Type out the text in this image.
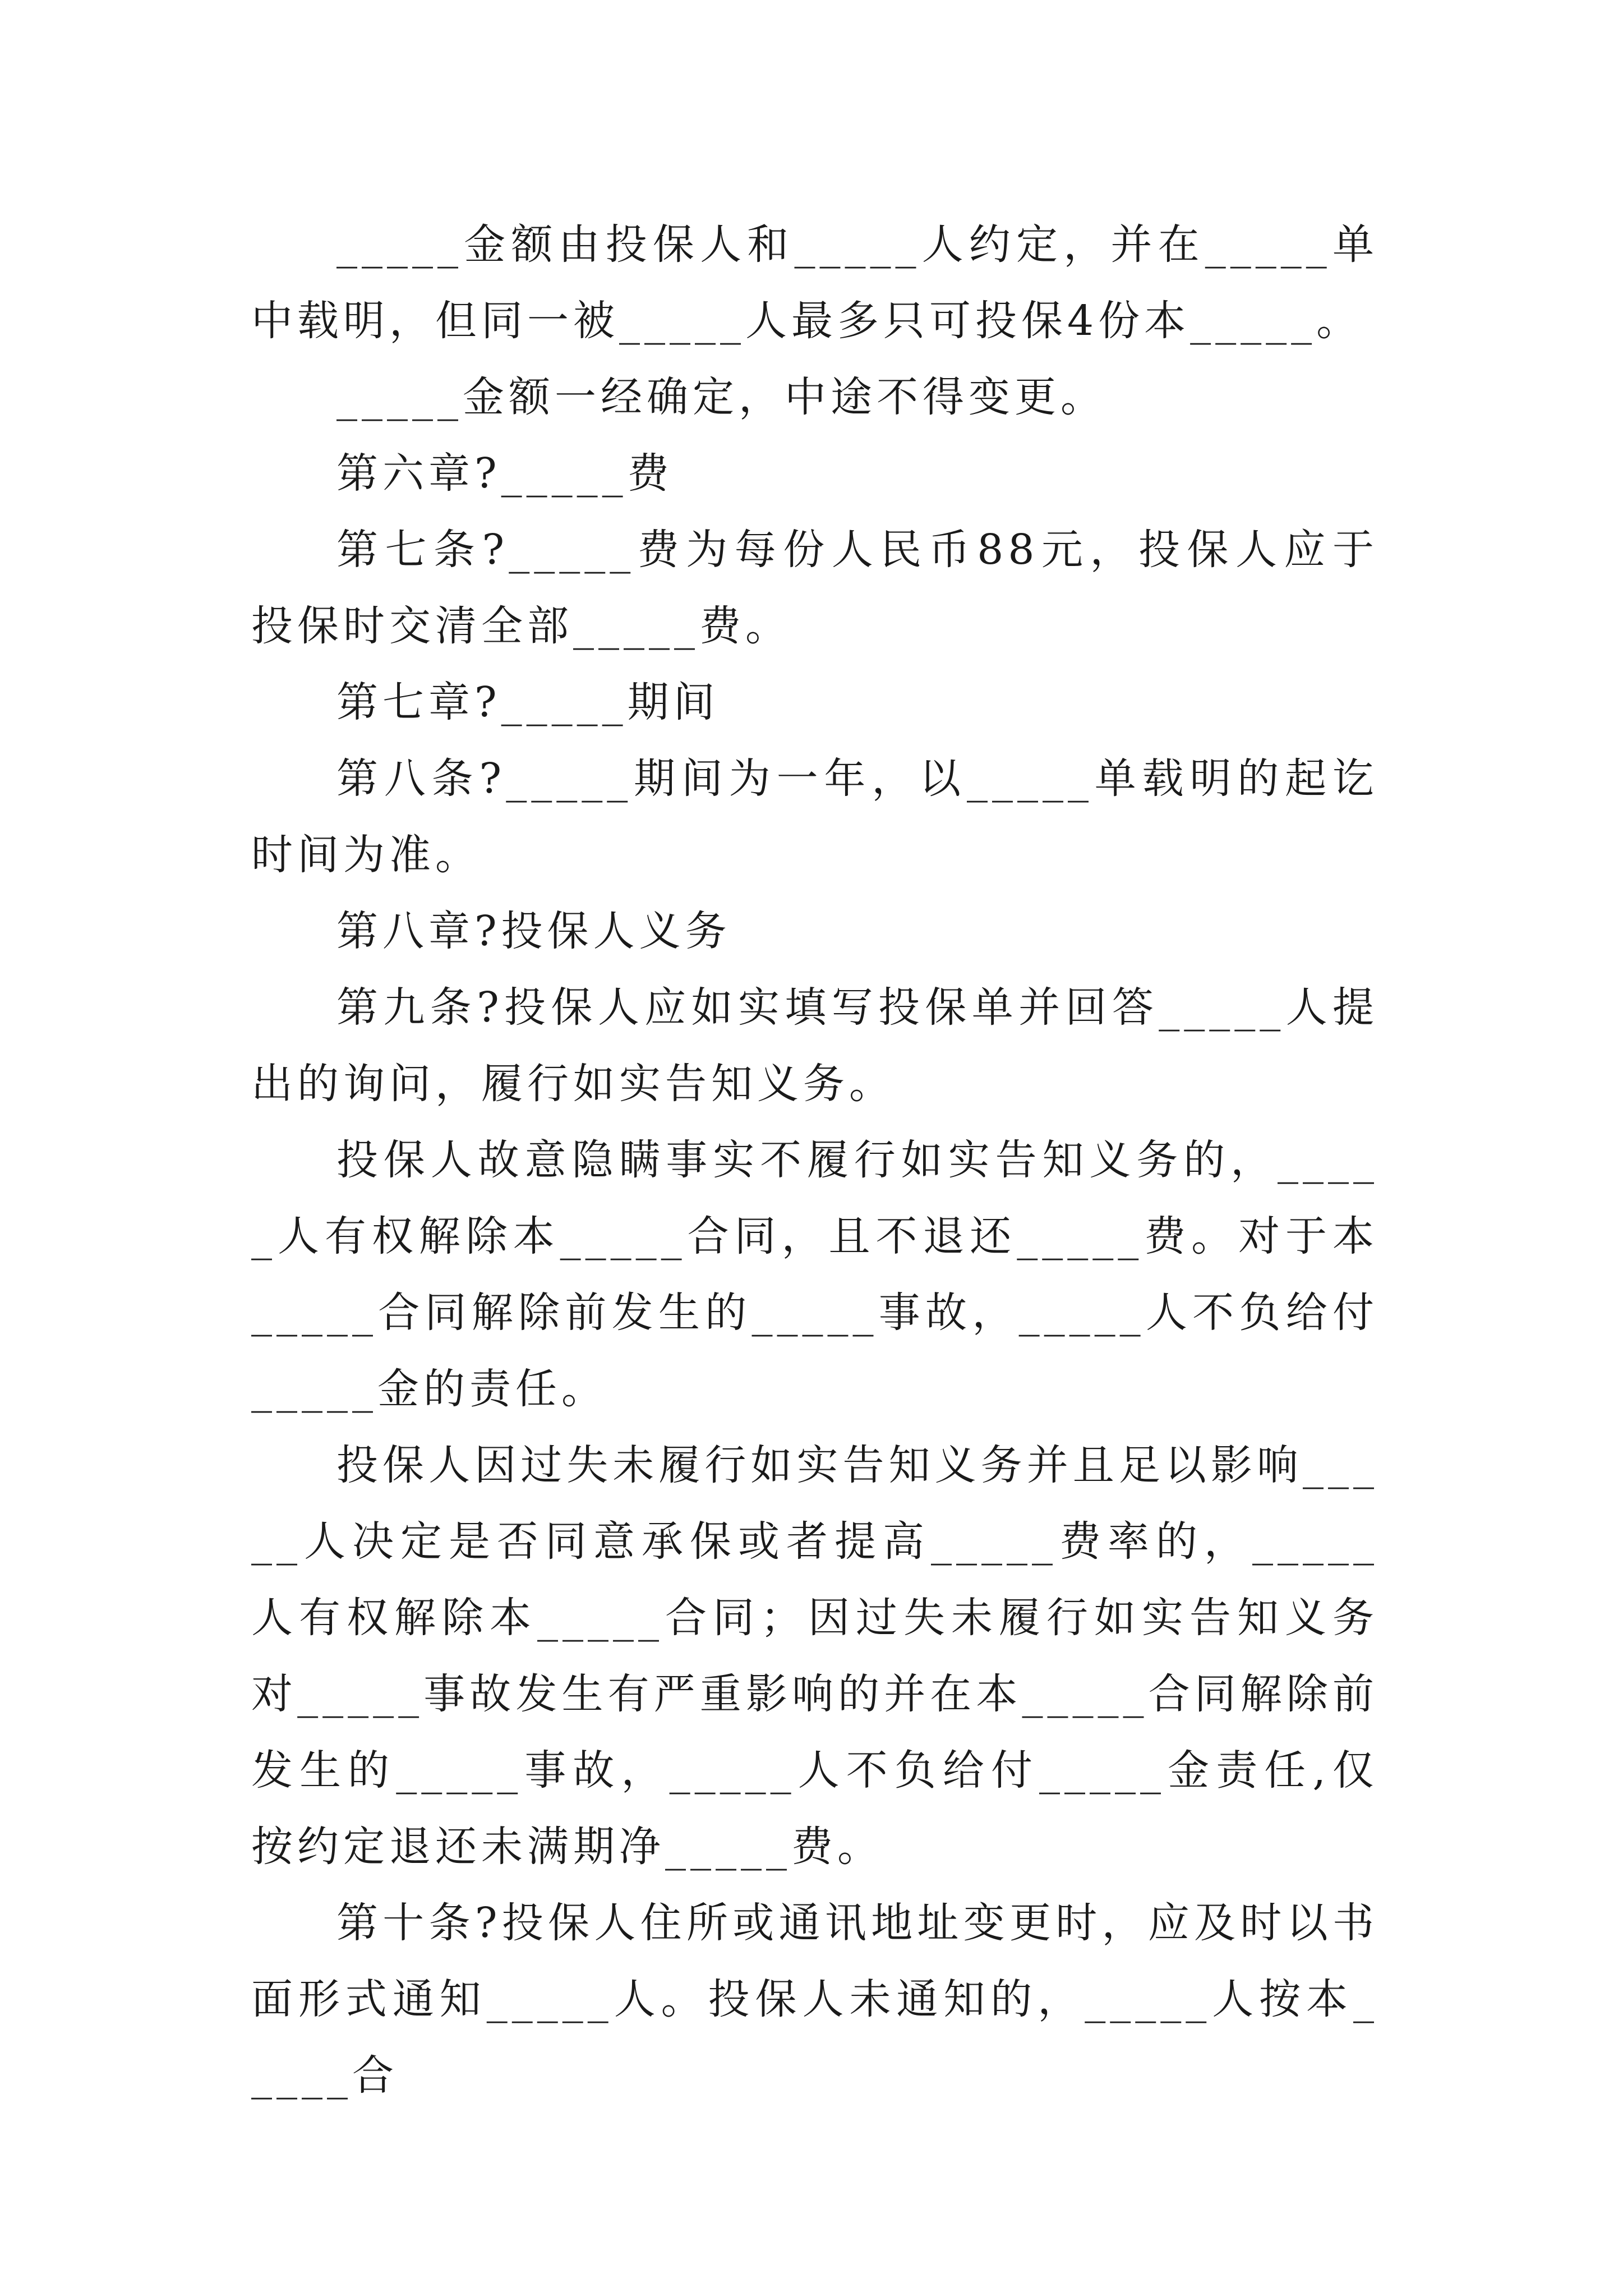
_____金额由投保人和_____人约定，并在_____单中载明，但同一被_____人最多只可投保4份本_____。

_____金额一经确定，中途不得变更。

第六章?_____费

第七条?_____费为每份人民币88元，投保人应于投保时交清全部_____费。

第七章?_____期间

第八条?_____期间为一年，以_____单载明的起讫时间为准。

第八章?投保人义务

第九条?投保人应如实填写投保单并回答_____人提出的询问，履行如实告知义务。

投保人故意隐瞒事实不履行如实告知义务的，_____人有权解除本_____合同，且不退还_____费。对于本_____合同解除前发生的_____事故，_____人不负给付_____金的责任。

投保人因过失未履行如实告知义务并且足以影响_____人决定是否同意承保或者提高_____费率的，_____人有权解除本_____合同；因过失未履行如实告知义务对_____事故发生有严重影响的并在本_____合同解除前发生的_____事故，_____人不负给付_____金责任,仅按约定退还未满期净_____费。

第十条?投保人住所或通讯地址变更时，应及时以书面形式通知_____人。投保人未通知的，_____人按本_____合
